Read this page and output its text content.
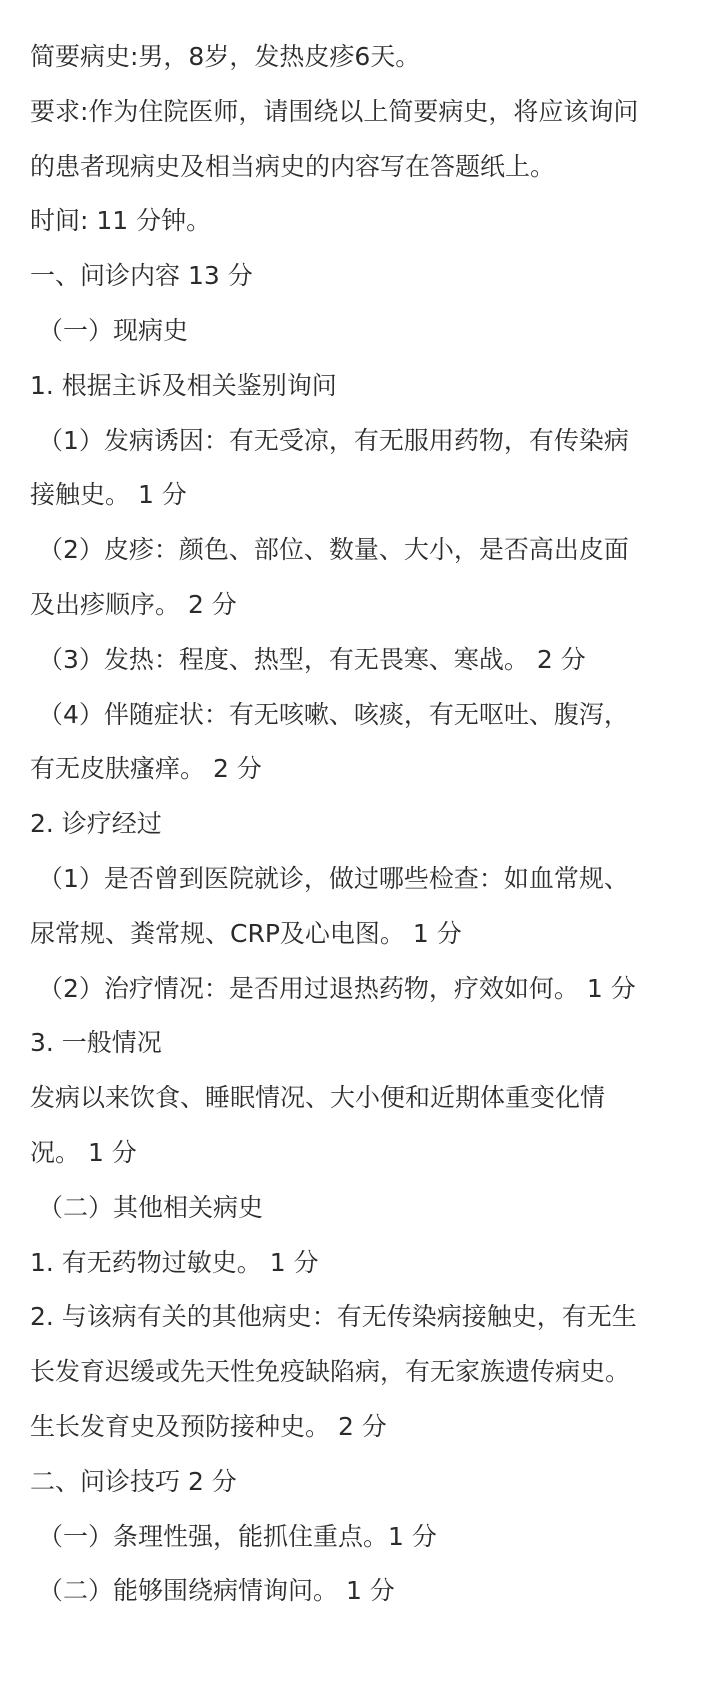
简要病史:男，8岁，发热皮疹6天。
要求:作为住院医师，请围绕以上简要病史，将应该询问
的患者现病史及相当病史的内容写在答题纸上。
时间: 11 分钟。
一、问诊内容 13 分
（一）现病史
1. 根据主诉及相关鉴别询问
（1）发病诱因：有无受凉，有无服用药物，有传染病
接触史。 1 分
（2）皮疹：颜色、部位、数量、大小，是否高出皮面
及出疹顺序。 2 分
（3）发热：程度、热型，有无畏寒、寒战。 2 分
（4）伴随症状：有无咳嗽、咳痰，有无呕吐、腹泻，
有无皮肤瘙痒。 2 分
2. 诊疗经过
（1）是否曾到医院就诊，做过哪些检查：如血常规、
尿常规、粪常规、CRP及心电图。 1 分
（2）治疗情况：是否用过退热药物，疗效如何。 1 分
3. 一般情况
发病以来饮食、睡眠情况、大小便和近期体重变化情
况。 1 分
（二）其他相关病史
1. 有无药物过敏史。 1 分
2. 与该病有关的其他病史：有无传染病接触史，有无生
长发育迟缓或先天性免疫缺陷病，有无家族遗传病史。
生长发育史及预防接种史。 2 分
二、问诊技巧 2 分
（一）条理性强，能抓住重点。1 分
（二）能够围绕病情询问。 1 分
